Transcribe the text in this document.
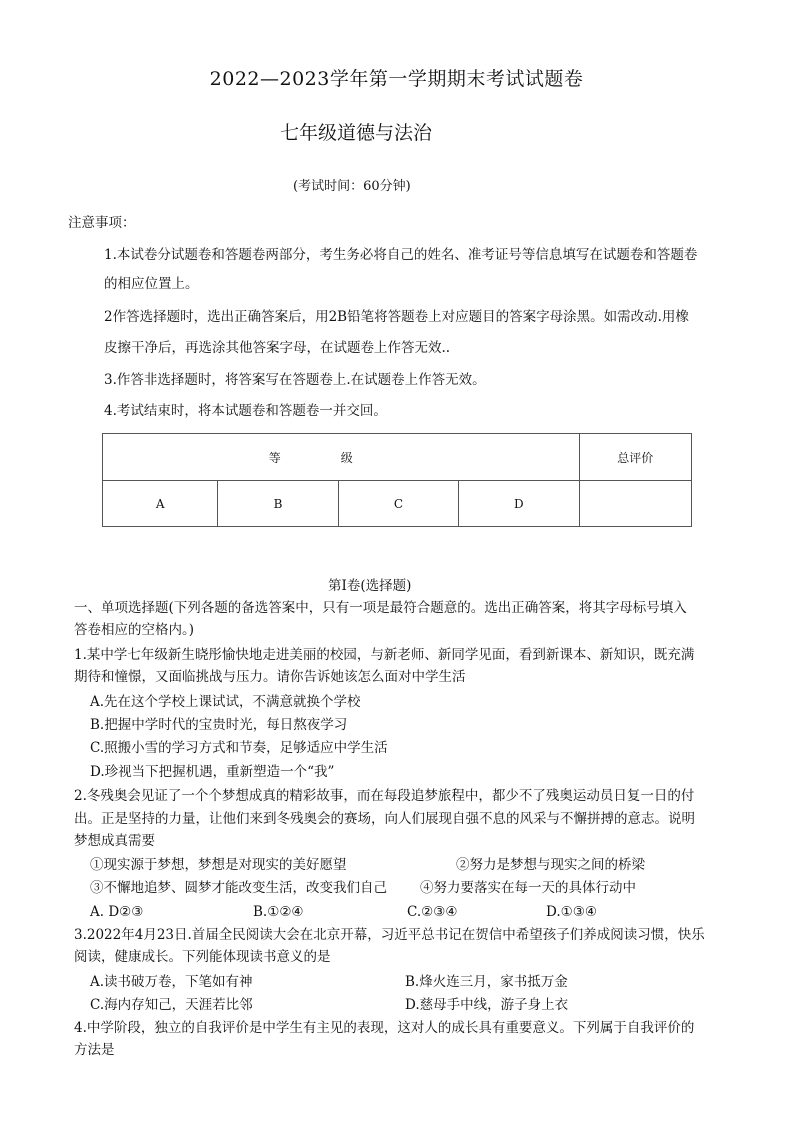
2022—2023学年第一学期期末考试试题卷
七年级道德与法治
(考试时间：60分钟)
注意事项：
1.本试卷分试题卷和答题卷两部分，考生务必将自己的姓名、准考证号等信息填写在试题卷和答题卷
的相应位置上。
2作答选择题时，选出正确答案后，用2B铅笔将答题卷上对应题目的答案字母涂黑。如需改动.用橡
皮擦干净后，再选涂其他答案字母，在试题卷上作答无效..
3.作答非选择题时，将答案写在答题卷上.在试题卷上作答无效。
4.考试结束时，将本试题卷和答题卷一并交回。
等级				总评价
A	B	C	D	
第Ⅰ卷(选择题)
一、单项选择题(下列各题的备选答案中，只有一项是最符合题意的。选出正确答案，将其字母标号填入
答卷相应的空格内。)
1.某中学七年级新生晓彤愉快地走进美丽的校园，与新老师、新同学见面，看到新课本、新知识，既充满
期待和憧憬，又面临挑战与压力。请你告诉她该怎么面对中学生活
A.先在这个学校上课试试，不满意就换个学校
B.把握中学时代的宝贵时光，每日熬夜学习
C.照搬小雪的学习方式和节奏，足够适应中学生活
D.珍视当下把握机遇，重新塑造一个“我”
2.冬残奥会见证了一个个梦想成真的精彩故事，而在每段追梦旅程中，都少不了残奥运动员日复一日的付
出。正是坚持的力量，让他们来到冬残奥会的赛场，向人们展现自强不息的风采与不懈拼搏的意志。说明
梦想成真需要
①现实源于梦想，梦想是对现实的美好愿望	②努力是梦想与现实之间的桥梁
③不懈地追梦、圆梦才能改变生活，改变我们自己 ④努力要落实在每一天的具体行动中
A. D②③	B.①②④	C.②③④	D.①③④
3.2022年4月23日.首届全民阅读大会在北京开幕，习近平总书记在贺信中希望孩子们养成阅读习惯，快乐
阅读，健康成长。下列能体现读书意义的是
A.读书破万卷，下笔如有神	B.烽火连三月，家书抵万金
C.海内存知己，天涯若比邻	D.慈母手中线，游子身上衣
4.中学阶段，独立的自我评价是中学生有主见的表现，这对人的成长具有重要意义。下列属于自我评价的
方法是
